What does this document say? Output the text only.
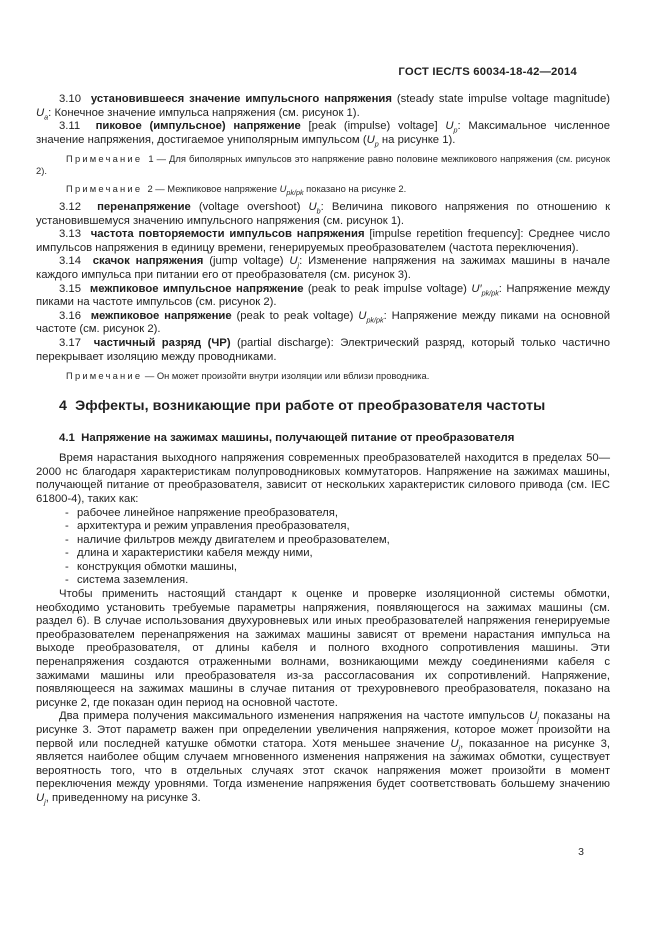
ГОСТ IEC/TS 60034-18-42—2014

3.10  установившееся значение импульсного напряжения (steady state impulse voltage magnitude) $U_a$: Конечное значение импульса напряжения (см. рисунок 1).

3.11  пиковое (импульсное) напряжение [peak (impulse) voltage] $U_p$: Максимальное численное значение напряжения, достигаемое униполярным импульсом ($U_p$ на рисунке 1).

Примечание  1 — Для биполярных импульсов это напряжение равно половине межпикового напряжения (см. рисунок 2).

Примечание  2 — Межпиковое напряжение $U_{pk/pk}$ показано на рисунке 2.

3.12  перенапряжение (voltage overshoot) $U_b$: Величина пикового напряжения по отношению к установившемуся значению импульсного напряжения (см. рисунок 1).

3.13  частота повторяемости импульсов напряжения [impulse repetition frequency]: Среднее число импульсов напряжения в единицу времени, генерируемых преобразователем (частота переключения).

3.14  скачок напряжения (jump voltage) $U_j$: Изменение напряжения на зажимах машины в начале каждого импульса при питании его от преобразователя (см. рисунок 3).

3.15  межпиковое импульсное напряжение (peak to peak impulse voltage) $U'_{pk/pk}$: Напряжение между пиками на частоте импульсов (см. рисунок 2).

3.16  межпиковое напряжение (peak to peak voltage) $U_{pk/pk}$: Напряжение между пиками на основной частоте (см. рисунок 2).

3.17  частичный разряд (ЧР) (partial discharge): Электрический разряд, который только частично перекрывает изоляцию между проводниками.

Примечание — Он может произойти внутри изоляции или вблизи проводника.

4  Эффекты, возникающие при работе от преобразователя частоты
4.1  Напряжение на зажимах машины, получающей питание от преобразователя

Время нарастания выходного напряжения современных преобразователей находится в пределах 50—2000 нс благодаря характеристикам полупроводниковых коммутаторов. Напряжение на зажимах машины, получающей питание от преобразователя, зависит от нескольких характеристик силового привода (см. IEC 61800-4), таких как:

- рабочее линейное напряжение преобразователя,

- архитектура и режим управления преобразователя,

- наличие фильтров между двигателем и преобразователем,

- длина и характеристики кабеля между ними,

- конструкция обмотки машины,

- система заземления.

Чтобы применить настоящий стандарт к оценке и проверке изоляционной системы обмотки, необходимо установить требуемые параметры напряжения, появляющегося на зажимах машины (см. раздел 6). В случае использования двухуровневых или иных преобразователей напряжения генерируемые преобразователем перенапряжения на зажимах машины зависят от времени нарастания импульса на выходе преобразователя, от длины кабеля и полного входного сопротивления машины. Эти перенапряжения создаются отраженными волнами, возникающими между соединениями кабеля с зажимами машины или преобразователя из-за рассогласования их сопротивлений. Напряжение, появляющееся на зажимах машины в случае питания от трехуровневого преобразователя, показано на рисунке 2, где показан один период на основной частоте.

Два примера получения максимального изменения напряжения на частоте импульсов $U_j$ показаны на рисунке 3. Этот параметр важен при определении увеличения напряжения, которое может произойти на первой или последней катушке обмотки статора. Хотя меньшее значение $U_j$, показанное на рисунке 3, является наиболее общим случаем мгновенного изменения напряжения на зажимах обмотки, существует вероятность того, что в отдельных случаях этот скачок напряжения может произойти в момент переключения между уровнями. Тогда изменение напряжения будет соответствовать большему значению $U_j$, приведенному на рисунке 3.

3
